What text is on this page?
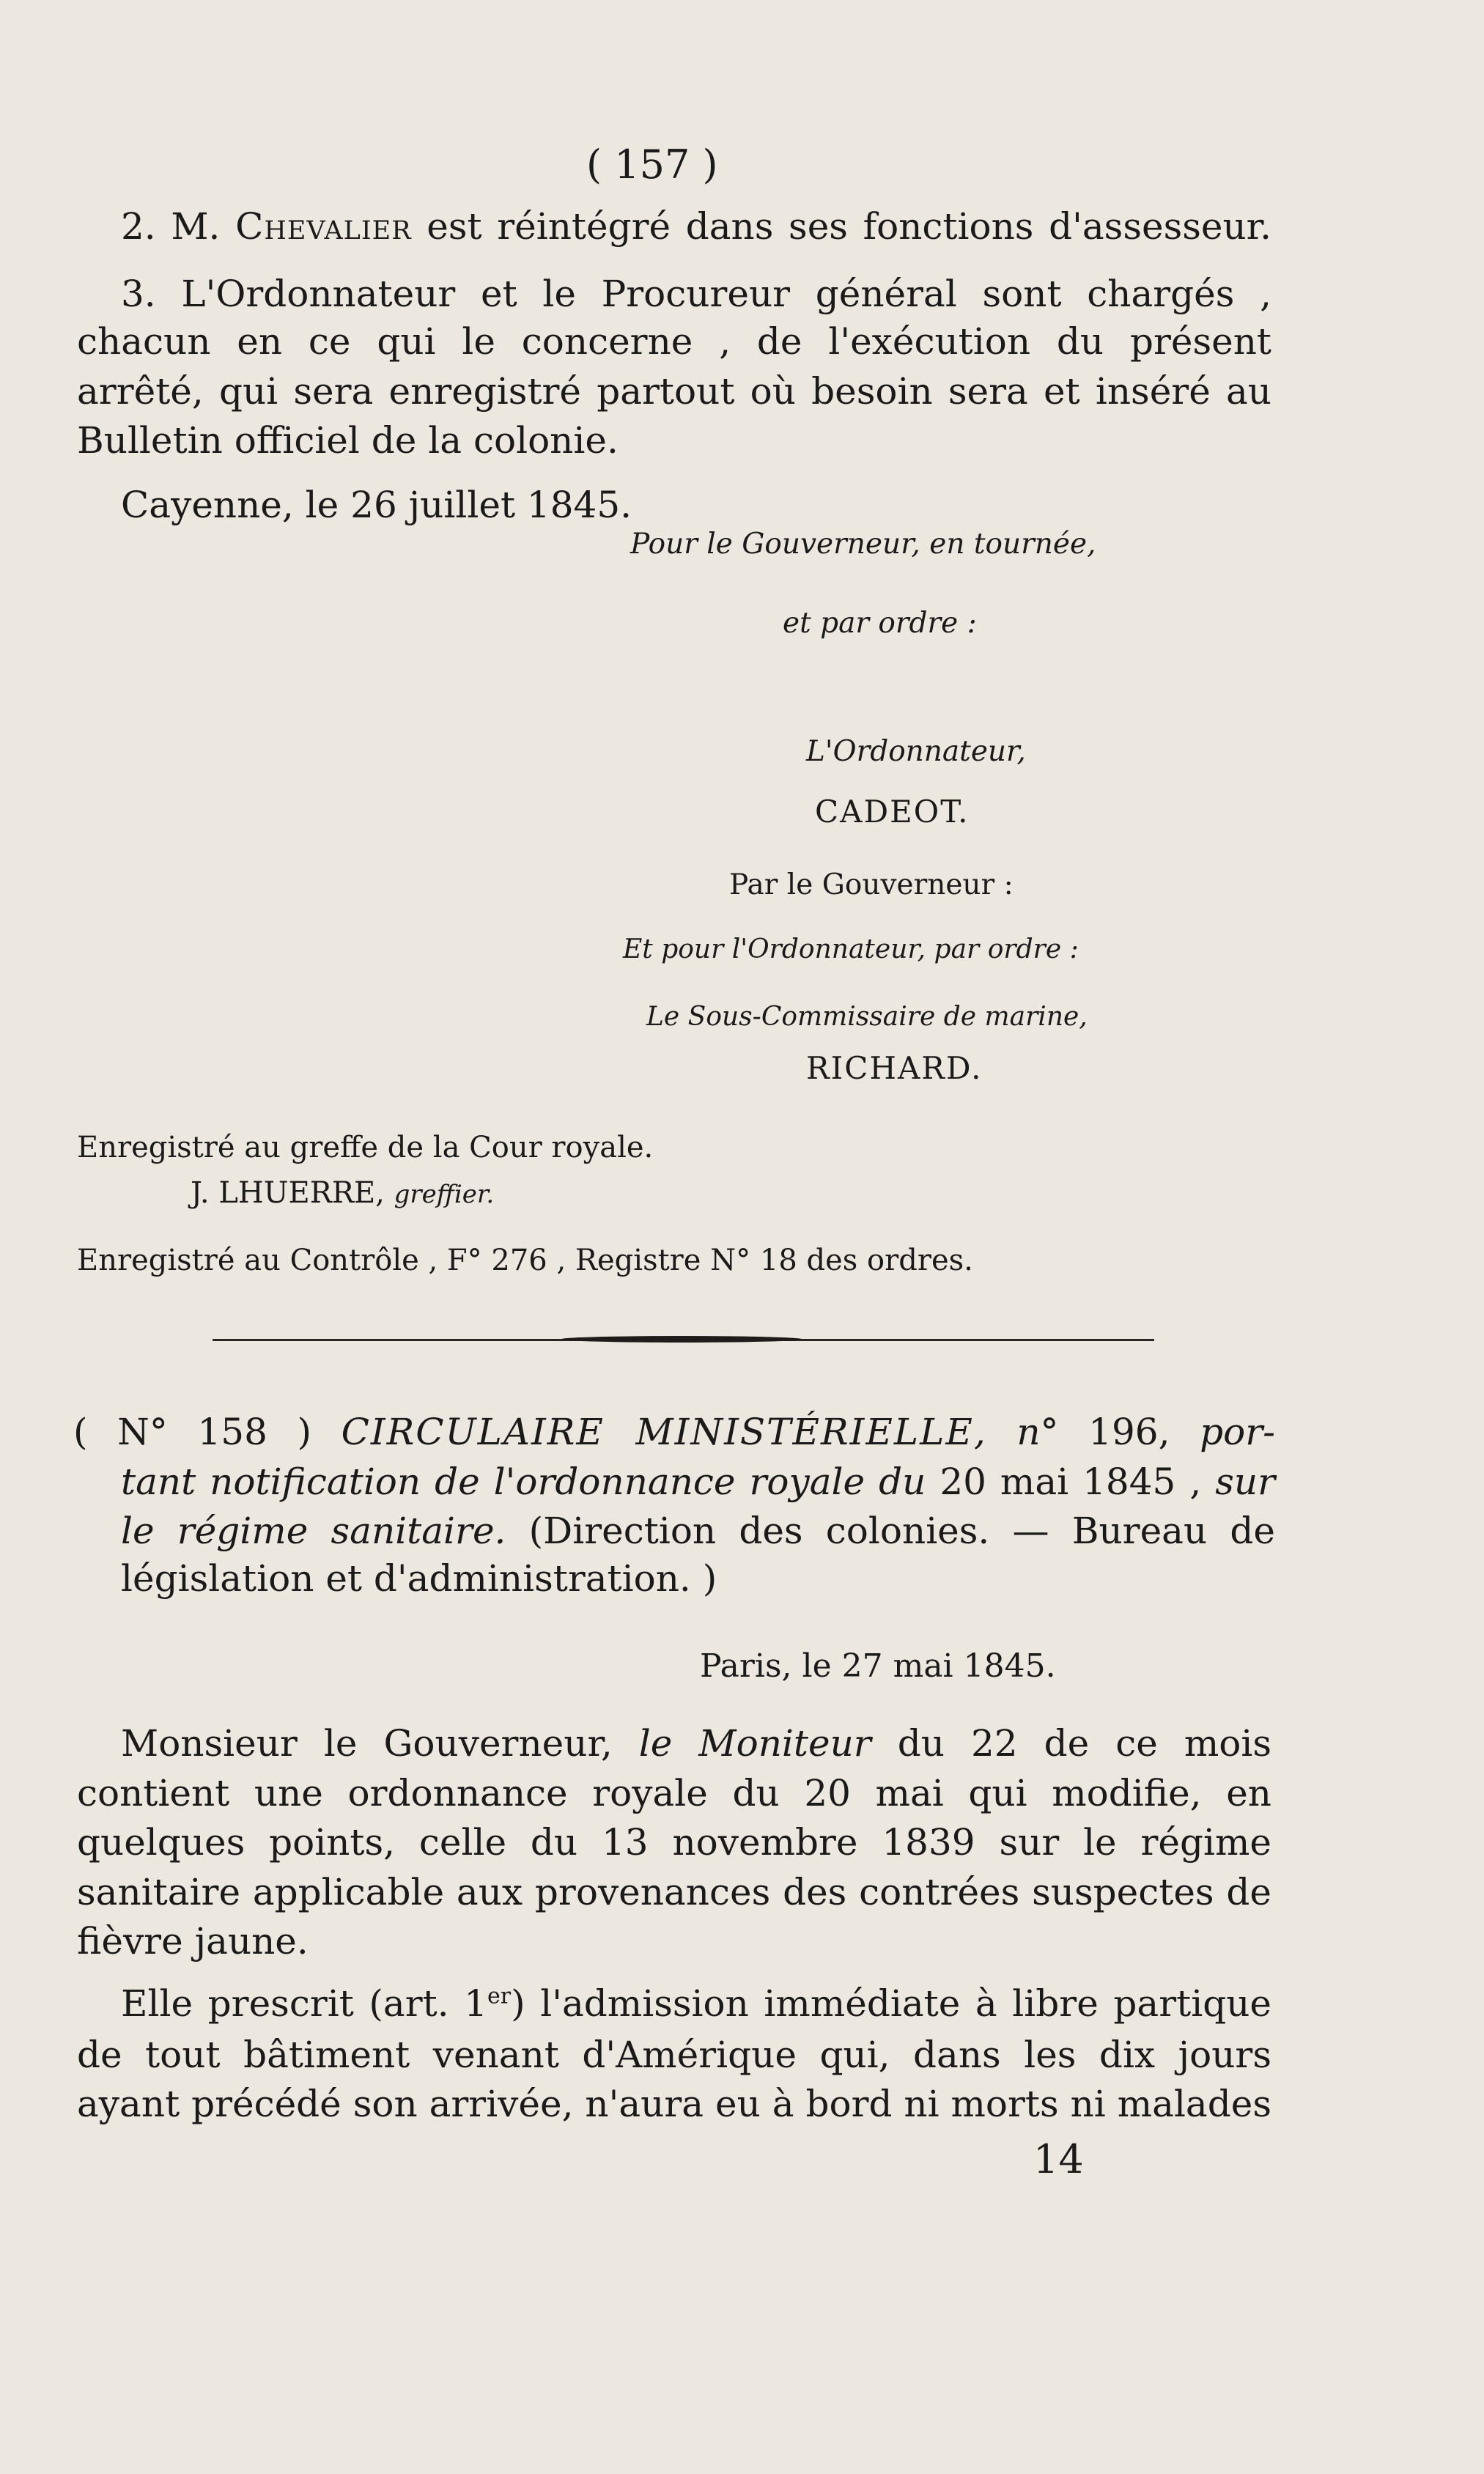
( 157 )
2. M. Chevalier est réintégré dans ses fonctions d'assesseur.
3. L'Ordonnateur et le Procureur général sont chargés ,
chacun en ce qui le concerne , de l'exécution du présent
arrêté, qui sera enregistré partout où besoin sera et inséré au
Bulletin officiel de la colonie.
Cayenne, le 26 juillet 1845.
Pour le Gouverneur, en tournée,
et par ordre :
L'Ordonnateur,
CADEOT.
Par le Gouverneur :
Et pour l'Ordonnateur, par ordre :
Le Sous-Commissaire de marine,
RICHARD.
Enregistré au greffe de la Cour royale.
J. LHUERRE, greffier.
Enregistré au Contrôle , F° 276 , Registre N° 18 des ordres.
( N° 158 ) CIRCULAIRE MINISTÉRIELLE, n° 196, por-
tant notification de l'ordonnance royale du 20 mai 1845 , sur
le régime sanitaire. (Direction des colonies. — Bureau de
législation et d'administration. )
Paris, le 27 mai 1845.
Monsieur le Gouverneur, le Moniteur du 22 de ce mois
contient une ordonnance royale du 20 mai qui modifie, en
quelques points, celle du 13 novembre 1839 sur le régime
sanitaire applicable aux provenances des contrées suspectes de
fièvre jaune.
Elle prescrit (art. 1er) l'admission immédiate à libre partique
de tout bâtiment venant d'Amérique qui, dans les dix jours
ayant précédé son arrivée, n'aura eu à bord ni morts ni malades
14
